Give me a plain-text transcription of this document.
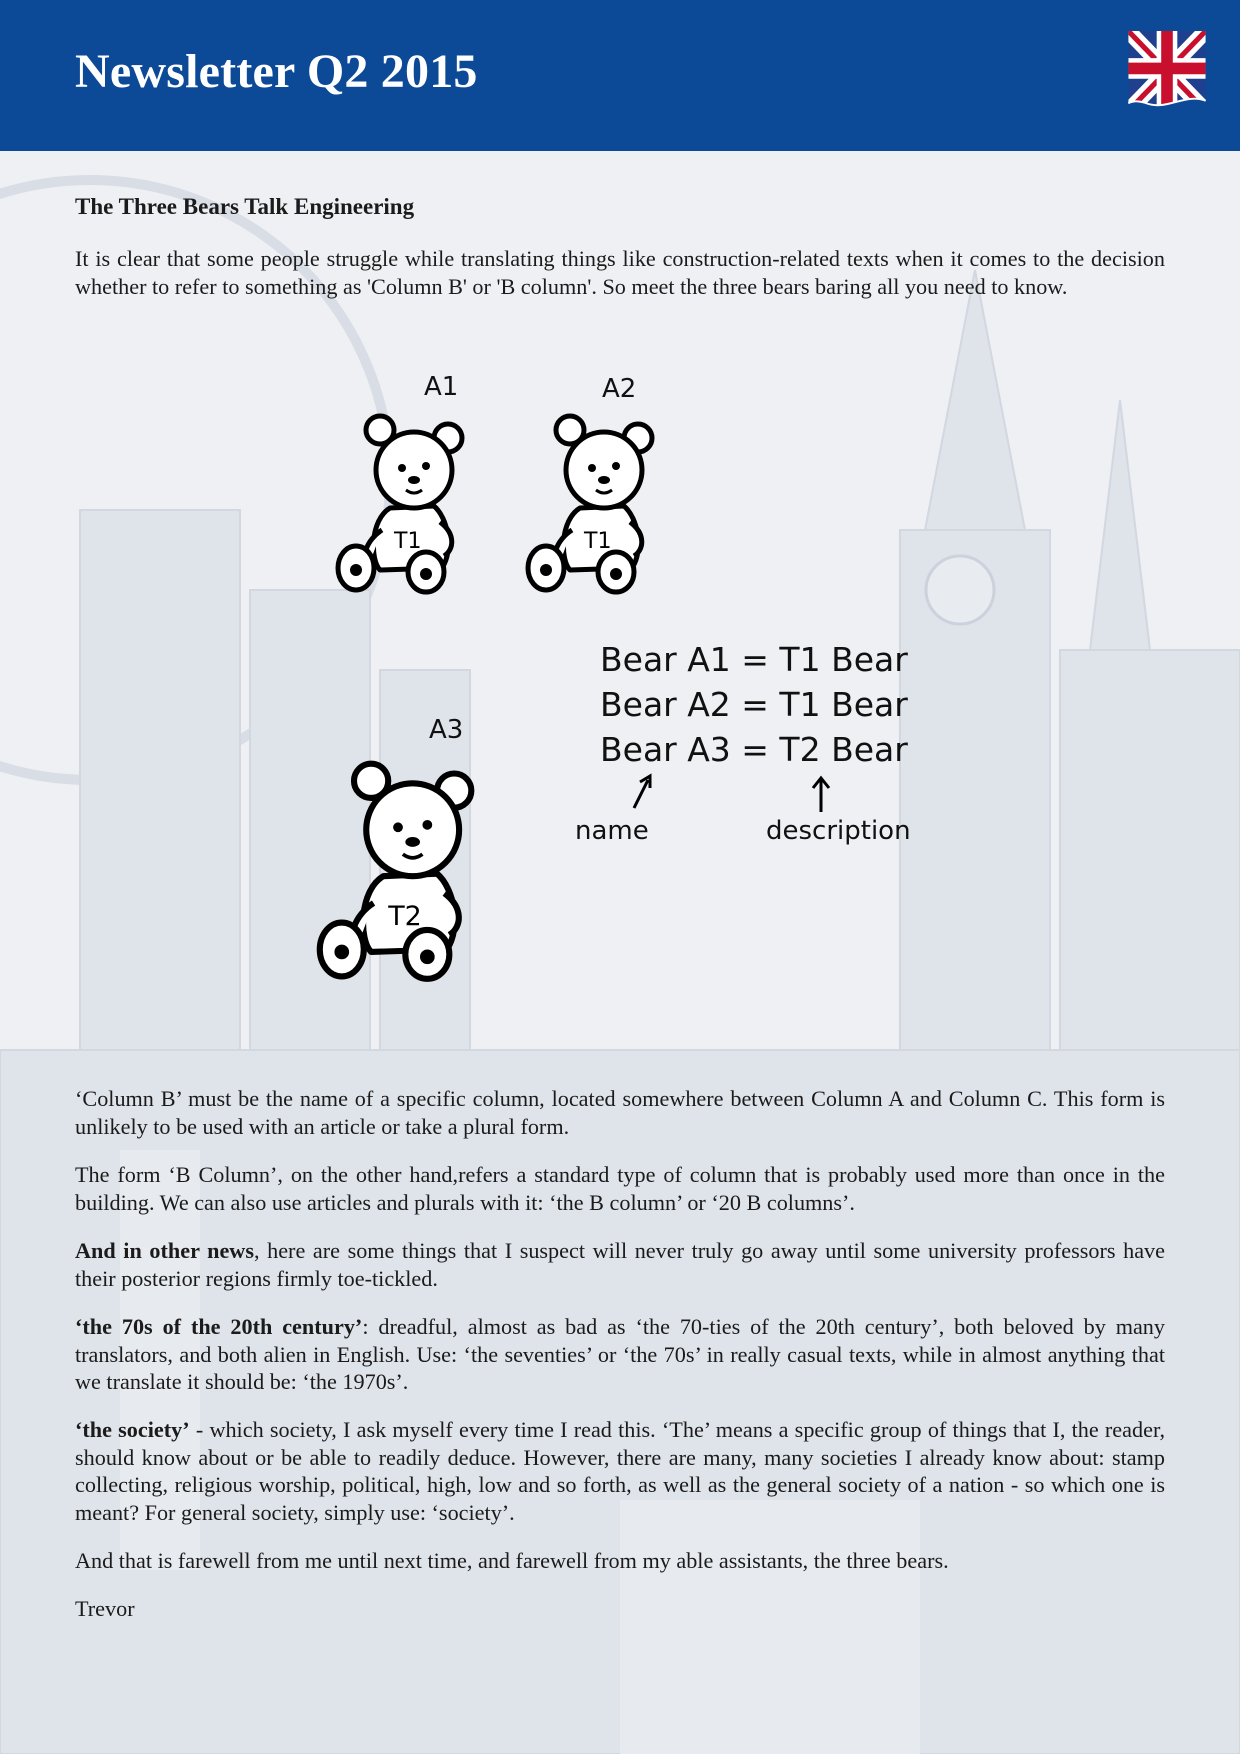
Newsletter Q2 2015
The Three Bears Talk Engineering
It is clear that some people struggle while translating things like construction-related texts when it comes to the decision whether to refer to something as 'Column B' or 'B column'. So meet the three bears baring all you need to know.
A1	A2
A3
T1	T1
T2
Bear A1 = T1 Bear
Bear A2 = T1 Bear
Bear A3 = T2 Bear
name	description
‘Column B’ must be the name of a specific column, located somewhere between Column A and Column C. This form is unlikely to be used with an article or take a plural form.
The form ‘B Column’, on the other hand,refers a standard type of column that is probably used more than once in the building. We can also use articles and plurals with it: ‘the B column’ or ‘20 B columns’.
And in other news, here are some things that I suspect will never truly go away until some university professors have their posterior regions firmly toe-tickled.
‘the 70s of the 20th century’: dreadful, almost as bad as ‘the 70-ties of the 20th century’, both beloved by many translators, and both alien in English. Use: ‘the seventies’ or ‘the 70s’ in really casual texts, while in almost anything that we translate it should be: ‘the 1970s’.
‘the society’ - which society, I ask myself every time I read this. ‘The’ means a specific group of things that I, the reader, should know about or be able to readily deduce. However, there are many, many societies I already know about: stamp collecting, religious worship, political, high, low and so forth, as well as the general society of a nation - so which one is meant? For general society, simply use: ‘society’.
And that is farewell from me until next time, and farewell from my able assistants, the three bears.
Trevor
